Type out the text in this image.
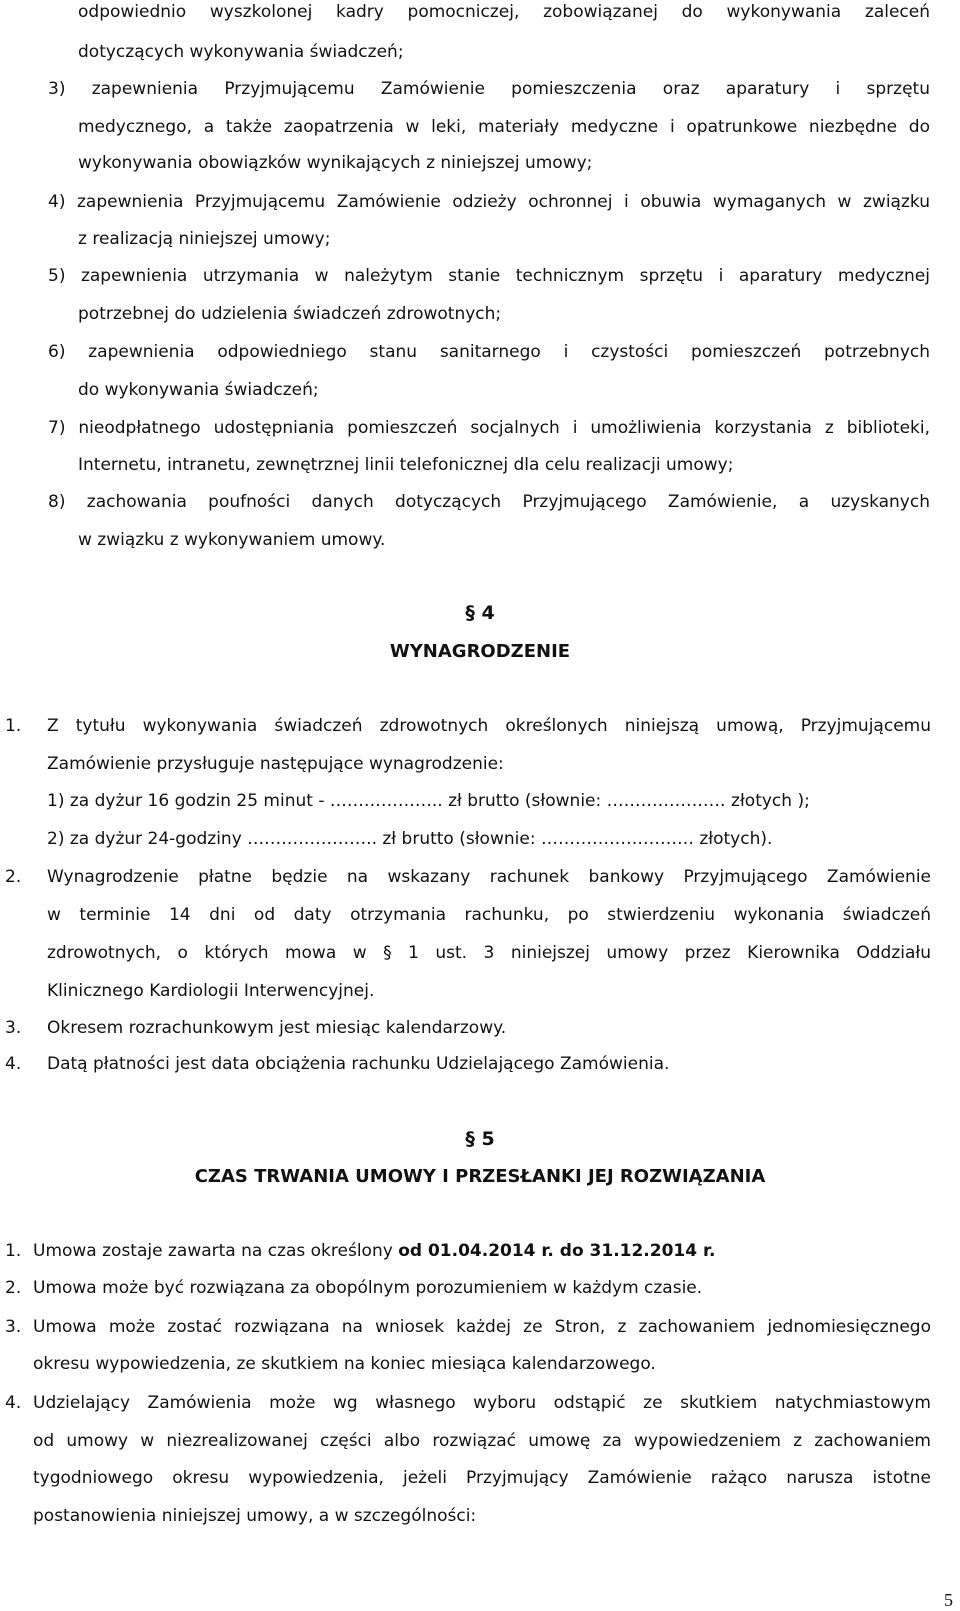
odpowiednio wyszkolonej kadry pomocniczej, zobowiązanej do wykonywania zaleceń
dotyczących wykonywania świadczeń;
3) zapewnienia Przyjmującemu Zamówienie pomieszczenia oraz aparatury i sprzętu
medycznego, a także zaopatrzenia w leki, materiały medyczne i opatrunkowe niezbędne do
wykonywania obowiązków wynikających z niniejszej umowy;
4) zapewnienia Przyjmującemu Zamówienie odzieży ochronnej i obuwia wymaganych w związku
z realizacją niniejszej umowy;
5) zapewnienia utrzymania w należytym stanie technicznym sprzętu i aparatury medycznej
potrzebnej do udzielenia świadczeń zdrowotnych;
6) zapewnienia odpowiedniego stanu sanitarnego i czystości pomieszczeń potrzebnych
do wykonywania świadczeń;
7) nieodpłatnego udostępniania pomieszczeń socjalnych i umożliwienia korzystania z biblioteki,
Internetu, intranetu, zewnętrznej linii telefonicznej dla celu realizacji umowy;
8) zachowania poufności danych dotyczących Przyjmującego Zamówienie, a uzyskanych
w związku z wykonywaniem umowy.
§ 4
WYNAGRODZENIE
1. Z tytułu wykonywania świadczeń zdrowotnych określonych niniejszą umową, Przyjmującemu
Zamówienie przysługuje następujące wynagrodzenie:
1) za dyżur 16 godzin 25 minut - ……………….. zł brutto (słownie: ………………… złotych );
2) za dyżur 24-godziny ………………….. zł brutto (słownie: ……………………… złotych).
2. Wynagrodzenie płatne będzie na wskazany rachunek bankowy Przyjmującego Zamówienie
w terminie 14 dni od daty otrzymania rachunku, po stwierdzeniu wykonania świadczeń
zdrowotnych, o których mowa w § 1 ust. 3 niniejszej umowy przez Kierownika Oddziału
Klinicznego Kardiologii Interwencyjnej.
3. Okresem rozrachunkowym jest miesiąc kalendarzowy.
4. Datą płatności jest data obciążenia rachunku Udzielającego Zamówienia.
§ 5
CZAS TRWANIA UMOWY I PRZESŁANKI JEJ ROZWIĄZANIA
1. Umowa zostaje zawarta na czas określony od 01.04.2014 r. do 31.12.2014 r.
2. Umowa może być rozwiązana za obopólnym porozumieniem w każdym czasie.
3. Umowa może zostać rozwiązana na wniosek każdej ze Stron, z zachowaniem jednomiesięcznego
okresu wypowiedzenia, ze skutkiem na koniec miesiąca kalendarzowego.
4. Udzielający Zamówienia może wg własnego wyboru odstąpić ze skutkiem natychmiastowym
od umowy w niezrealizowanej części albo rozwiązać umowę za wypowiedzeniem z zachowaniem
tygodniowego okresu wypowiedzenia, jeżeli Przyjmujący Zamówienie rażąco narusza istotne
postanowienia niniejszej umowy, a w szczególności:
5
